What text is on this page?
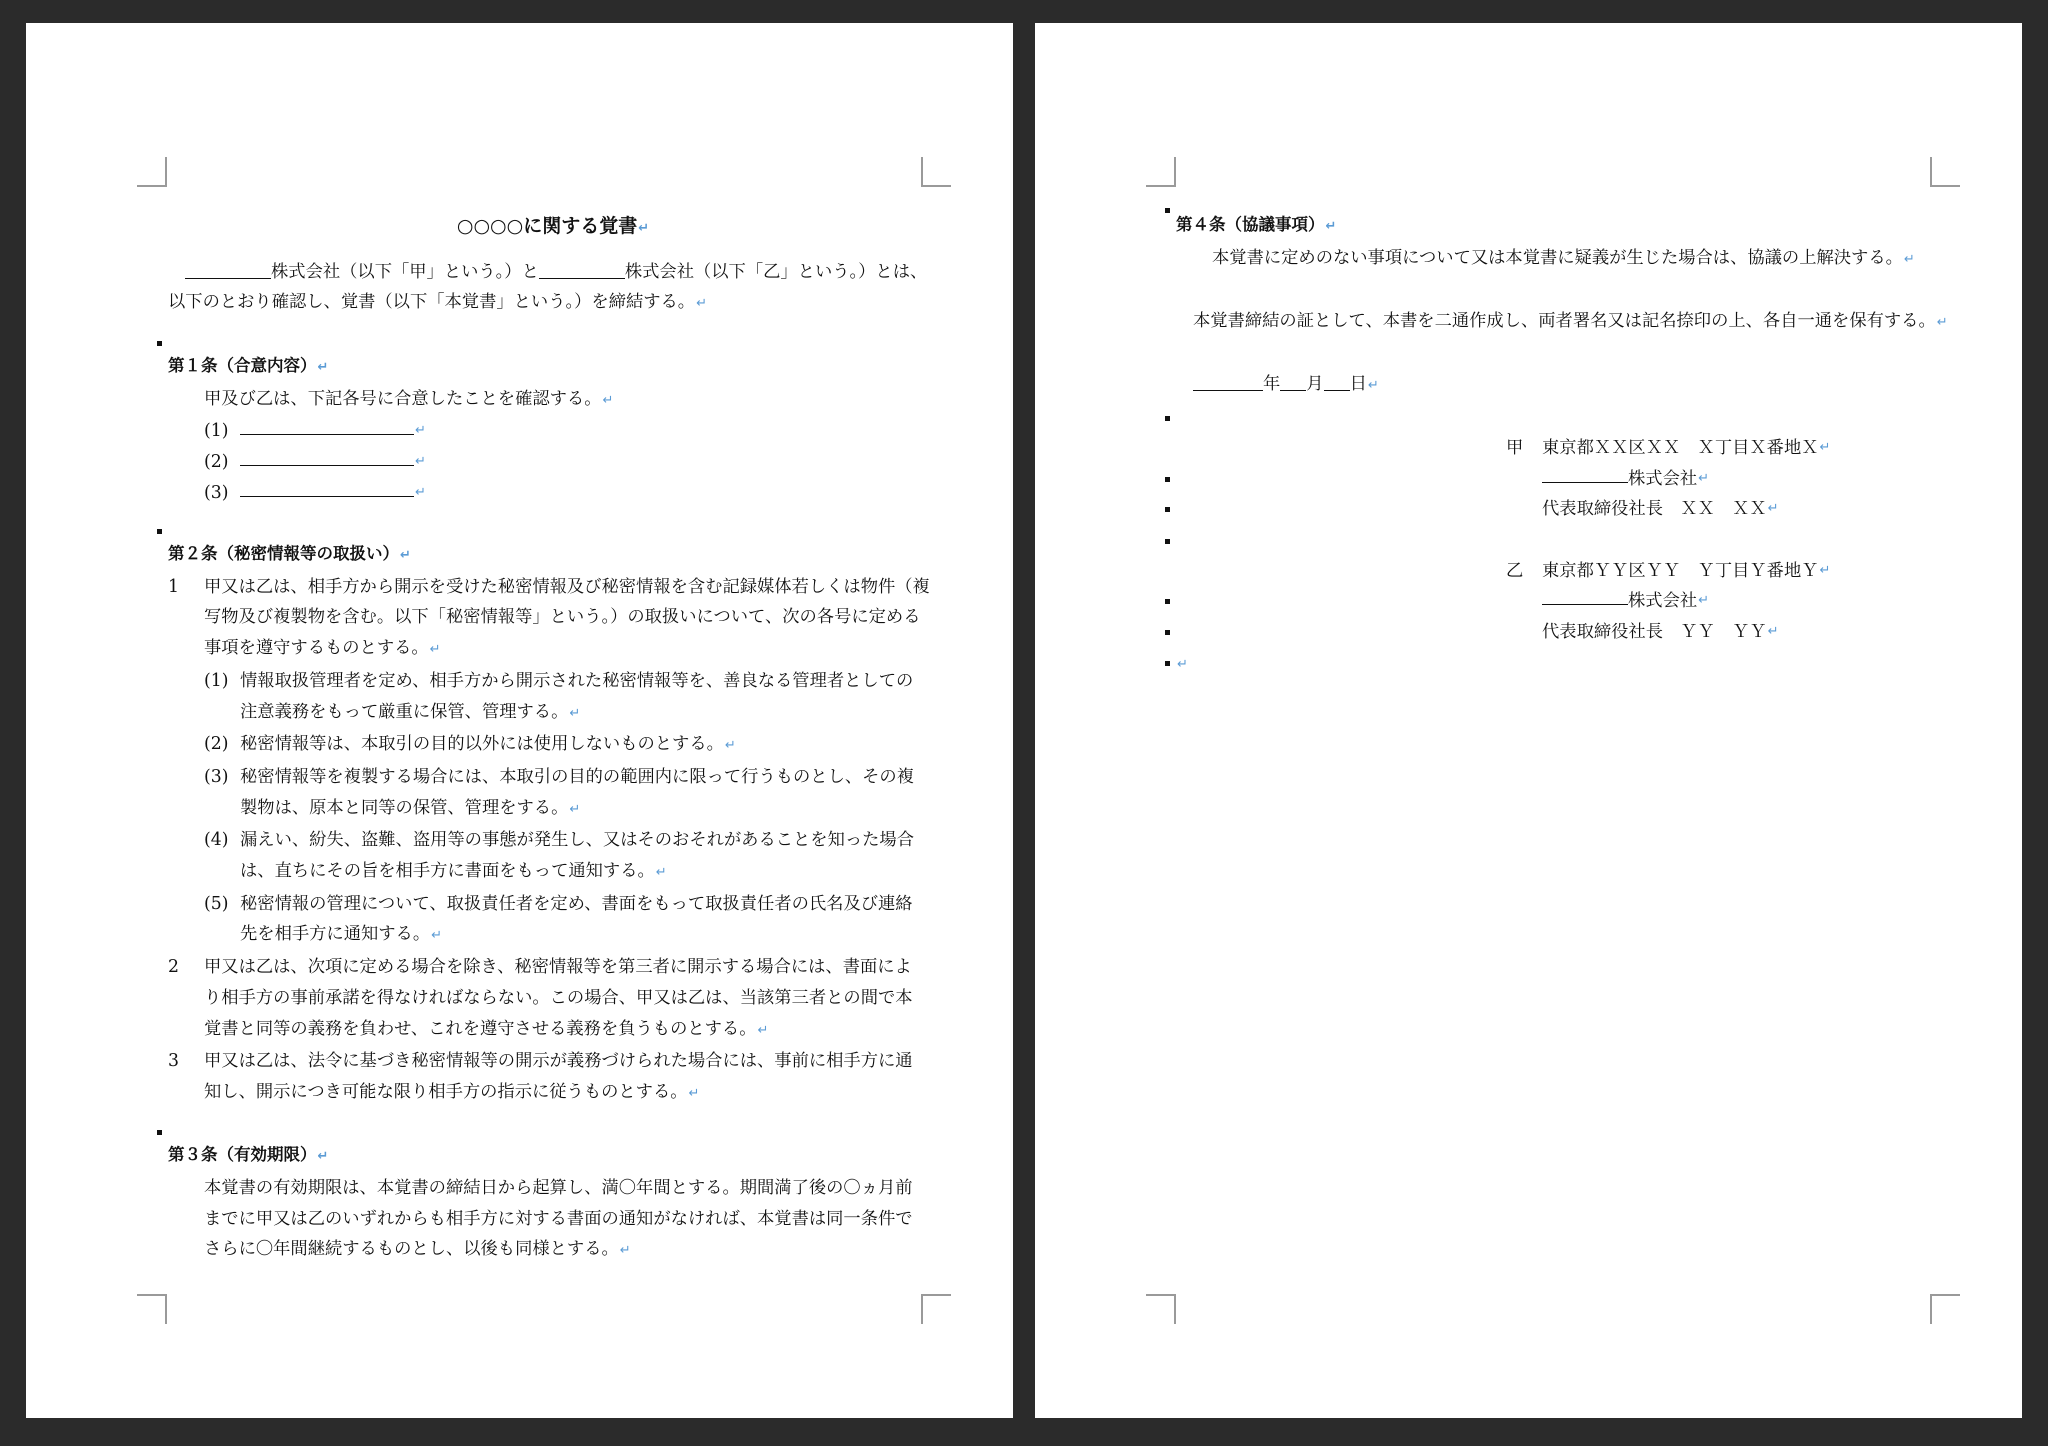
○○○○に関する覚書↵
株式会社（以下「甲」という。）と	株式会社（以下「乙」という。）とは、
以下のとおり確認し、覚書（以下「本覚書」という。）を締結する。↵
第１条（合意内容）↵
甲及び乙は、下記各号に合意したことを確認する。↵
(1)	↵
(2)	↵
(3)	↵
第２条（秘密情報等の取扱い）↵
1	甲又は乙は、相手方から開示を受けた秘密情報及び秘密情報を含む記録媒体若しくは物件（複
写物及び複製物を含む。以下「秘密情報等」という。）の取扱いについて、次の各号に定める
事項を遵守するものとする。↵
(1) 情報取扱管理者を定め、相手方から開示された秘密情報等を、善良なる管理者としての
注意義務をもって厳重に保管、管理する。↵
(2) 秘密情報等は、本取引の目的以外には使用しないものとする。↵
(3) 秘密情報等を複製する場合には、本取引の目的の範囲内に限って行うものとし、その複
製物は、原本と同等の保管、管理をする。↵
(4) 漏えい、紛失、盗難、盗用等の事態が発生し、又はそのおそれがあることを知った場合
は、直ちにその旨を相手方に書面をもって通知する。↵
(5) 秘密情報の管理について、取扱責任者を定め、書面をもって取扱責任者の氏名及び連絡
先を相手方に通知する。↵
2	甲又は乙は、次項に定める場合を除き、秘密情報等を第三者に開示する場合には、書面によ
り相手方の事前承諾を得なければならない。この場合、甲又は乙は、当該第三者との間で本
覚書と同等の義務を負わせ、これを遵守させる義務を負うものとする。↵
3	甲又は乙は、法令に基づき秘密情報等の開示が義務づけられた場合には、事前に相手方に通
知し、開示につき可能な限り相手方の指示に従うものとする。↵
第３条（有効期限）↵
本覚書の有効期限は、本覚書の締結日から起算し、満〇年間とする。期間満了後の〇ヵ月前
までに甲又は乙のいずれからも相手方に対する書面の通知がなければ、本覚書は同一条件で
さらに〇年間継続するものとし、以後も同様とする。↵
第４条（協議事項）↵
本覚書に定めのない事項について又は本覚書に疑義が生じた場合は、協議の上解決する。↵
本覚書締結の証として、本書を二通作成し、両者署名又は記名捺印の上、各自一通を保有する。↵
年 月 日↵
甲	東京都ＸＸ区ＸＸ　Ｘ丁目Ｘ番地Ｘ ↵
株式会社 ↵
代表取締役社長　ＸＸ　ＸＸ ↵
乙	東京都ＹＹ区ＹＹ　Ｙ丁目Ｙ番地Ｙ ↵
株式会社 ↵
代表取締役社長　ＹＹ　ＹＹ ↵
↵
